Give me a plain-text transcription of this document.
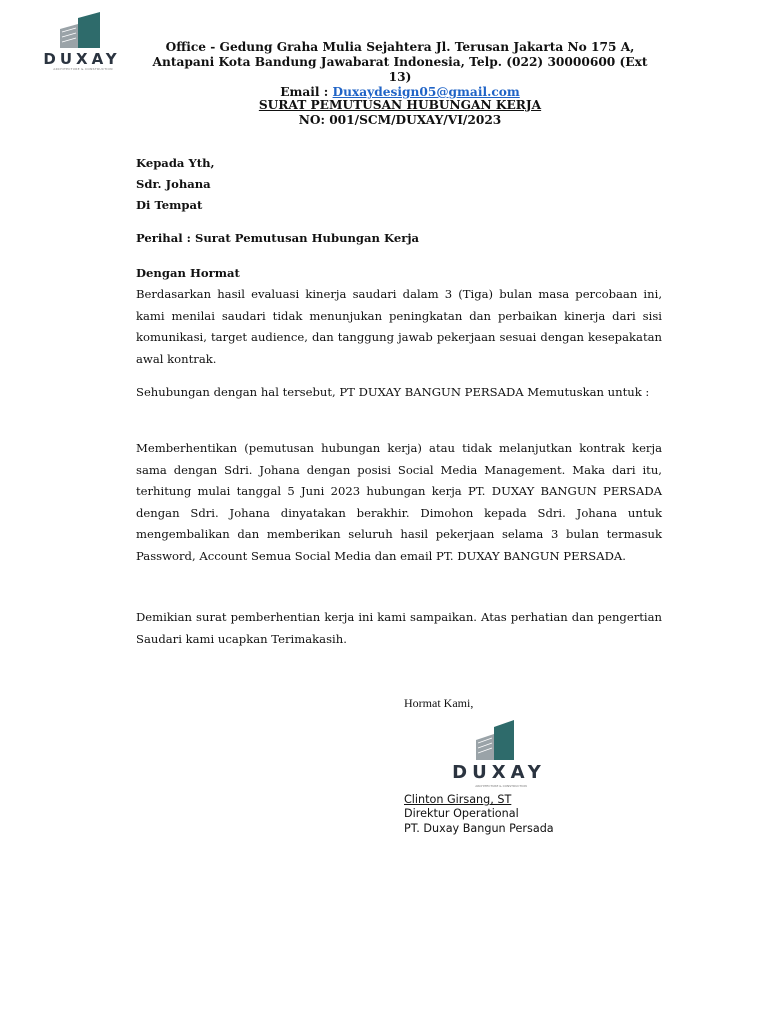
DUXAY
ARCHITECTURE & CONSTRUCTION
Office - Gedung Graha Mulia Sejahtera Jl. Terusan Jakarta No 175 A,
Antapani Kota Bandung Jawabarat Indonesia, Telp. (022) 30000600 (Ext 13)
Email : Duxaydesign05@gmail.com
SURAT PEMUTUSAN HUBUNGAN KERJA
NO: 001/SCM/DUXAY/VI/2023
Kepada Yth,
Sdr. Johana
Di Tempat
Perihal : Surat Pemutusan Hubungan Kerja
Dengan Hormat
Berdasarkan hasil evaluasi kinerja saudari dalam 3 (Tiga) bulan masa percobaan ini, kami menilai saudari tidak menunjukan peningkatan dan perbaikan kinerja dari sisi komunikasi, target audience, dan tanggung jawab pekerjaan sesuai dengan kesepakatan awal kontrak.
Sehubungan dengan hal tersebut, PT DUXAY BANGUN PERSADA Memutuskan untuk :
Memberhentikan (pemutusan hubungan kerja) atau tidak melanjutkan kontrak kerja sama dengan Sdri. Johana dengan posisi Social Media Management. Maka dari itu, terhitung mulai tanggal 5 Juni 2023 hubungan kerja PT. DUXAY BANGUN PERSADA dengan Sdri. Johana dinyatakan berakhir. Dimohon kepada Sdri. Johana untuk mengembalikan dan memberikan seluruh hasil pekerjaan selama 3 bulan termasuk Password, Account Semua Social Media dan email PT. DUXAY BANGUN PERSADA.
Demikian surat pemberhentian kerja ini kami sampaikan. Atas perhatian dan pengertian Saudari kami ucapkan Terimakasih.
Hormat Kami,
DUXAY
ARCHITECTURE & CONSTRUCTION
Clinton Girsang, ST
Direktur Operational
PT. Duxay Bangun Persada
